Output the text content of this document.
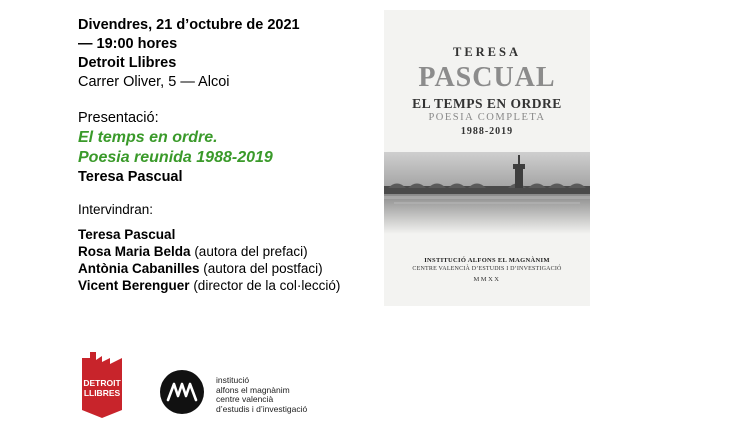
Divendres, 21 d’octubre de 2021
— 19:00 hores
Detroit Llibres
Carrer Oliver, 5 — Alcoi
Presentació:
El temps en ordre.
Poesia reunida 1988-2019
Teresa Pascual
Intervindran:
Teresa Pascual
Rosa Maria Belda (autora del prefaci)
Antònia Cabanilles (autora del postfaci)
Vicent Berenguer (director de la col·lecció)
TERESA
PASCUAL
EL TEMPS EN ORDRE
POESIA COMPLETA
1988-2019
INSTITUCIÓ ALFONS EL MAGNÀNIM
CENTRE VALENCIÀ D’ESTUDIS I D’INVESTIGACIÓ
MMXX
DETROIT
LLIBRES
institució
alfons el magnànim
centre valencià
d’estudis i d’investigació
